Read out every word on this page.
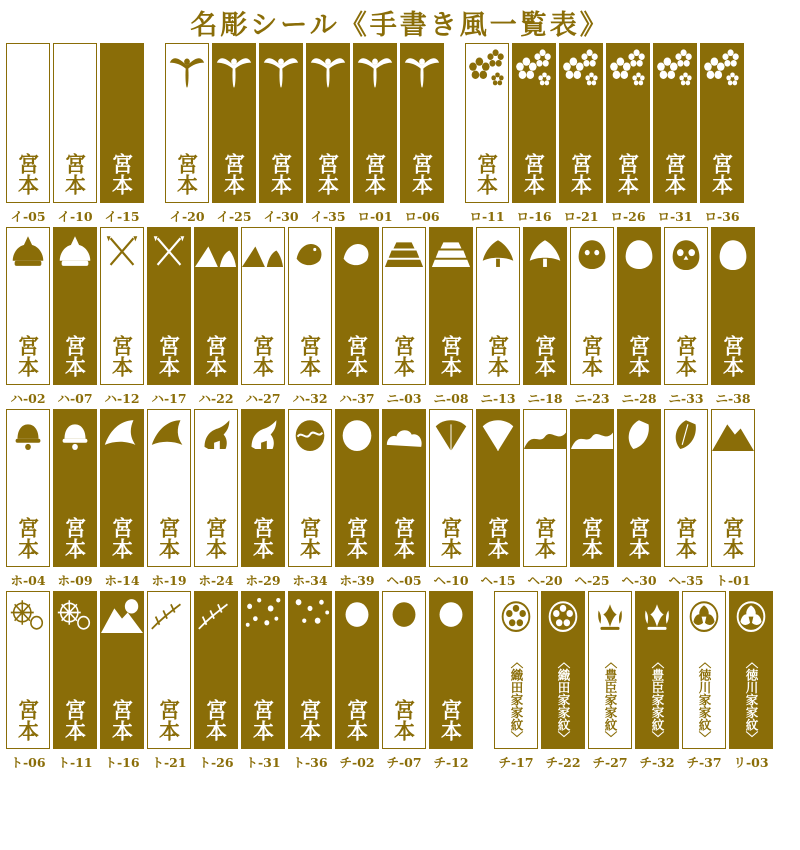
名彫シール《手書き風一覧表》
宮本
イ-05
宮本
イ-10
宮本
イ-15
宮本
イ-20
宮本
イ-25
宮本
イ-30
宮本
イ-35
宮本
ロ-01
宮本
ロ-06
宮本
ロ-11
宮本
ロ-16
宮本
ロ-21
宮本
ロ-26
宮本
ロ-31
宮本
ロ-36
宮本
ハ-02
宮本
ハ-07
宮本
ハ-12
宮本
ハ-17
宮本
ハ-22
宮本
ハ-27
宮本
ハ-32
宮本
ハ-37
宮本
ニ-03
宮本
ニ-08
宮本
ニ-13
宮本
ニ-18
宮本
ニ-23
宮本
ニ-28
宮本
ニ-33
宮本
ニ-38
宮本
ホ-04
宮本
ホ-09
宮本
ホ-14
宮本
ホ-19
宮本
ホ-24
宮本
ホ-29
宮本
ホ-34
宮本
ホ-39
宮本
ヘ-05
宮本
ヘ-10
宮本
ヘ-15
宮本
ヘ-20
宮本
ヘ-25
宮本
ヘ-30
宮本
ヘ-35
宮本
ト-01
宮本
ト-06
宮本
ト-11
宮本
ト-16
宮本
ト-21
宮本
ト-26
宮本
ト-31
宮本
ト-36
宮本
チ-02
宮本
チ-07
宮本
チ-12
〈織田家家紋〉
チ-17
〈織田家家紋〉
チ-22
〈豊臣家家紋〉
チ-27
〈豊臣家家紋〉
チ-32
〈徳川家家紋〉
チ-37
〈徳川家家紋〉
リ-03
